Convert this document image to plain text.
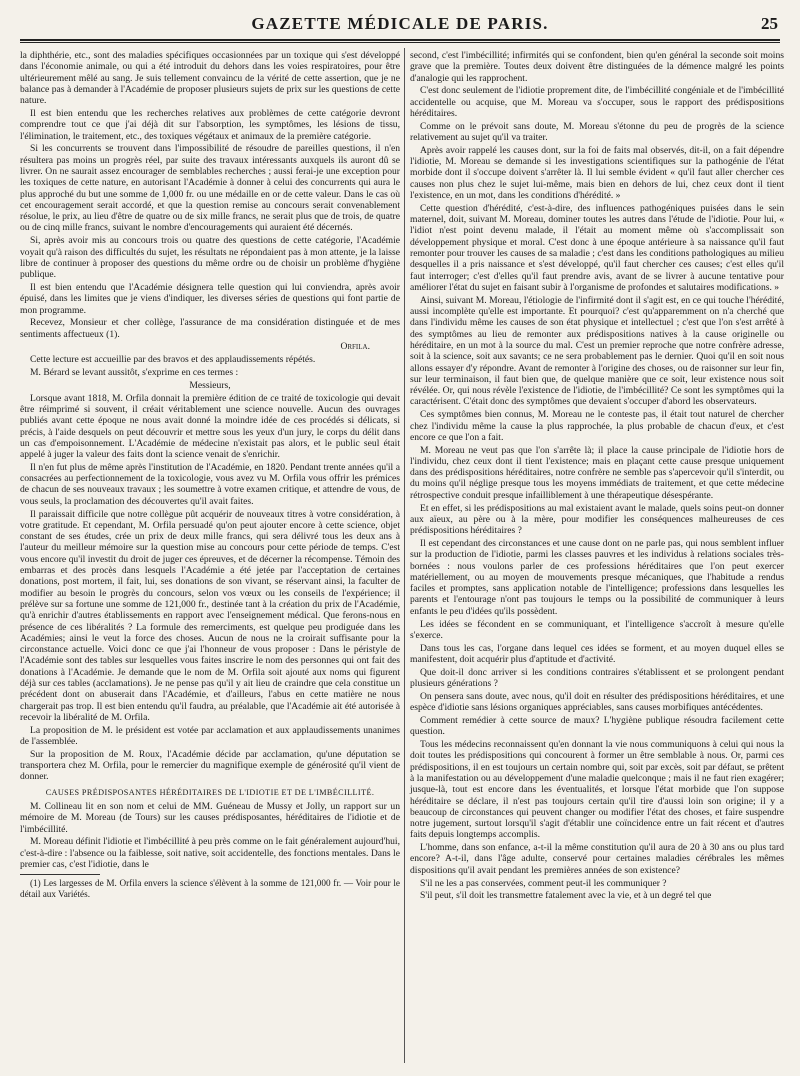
GAZETTE MÉDICALE DE PARIS.	25

la diphthérie, etc., sont des maladies spécifiques occasionnées par un toxique qui s'est développé dans l'économie animale, ou qui a été introduit du dehors dans les voies respiratoires, pour être ultérieurement mêlé au sang. Je suis tellement convaincu de la vérité de cette assertion, que je ne balance pas à demander à l'Académie de proposer plusieurs sujets de prix sur les questions de cette nature.

Il est bien entendu que les recherches relatives aux problèmes de cette catégorie devront comprendre tout ce que j'ai déjà dit sur l'absorption, les symptômes, les lésions de tissu, l'élimination, le traitement, etc., des toxiques végétaux et animaux de la première catégorie.

Si les concurrents se trouvent dans l'impossibilité de résoudre de pareilles questions, il n'en résultera pas moins un progrès réel, par suite des travaux intéressants auxquels ils auront dû se livrer. On ne saurait assez encourager de semblables recherches ; aussi ferai-je une exception pour les toxiques de cette nature, en autorisant l'Académie à donner à celui des concurrents qui aura le plus approché du but une somme de 1,000 fr. ou une médaille en or de cette valeur. Dans le cas où cet encouragement serait accordé, et que la question remise au concours serait convenablement résolue, le prix, au lieu d'être de quatre ou de six mille francs, ne serait plus que de trois, de quatre ou de cinq mille francs, suivant le nombre d'encouragements qui auraient été décernés.

Si, après avoir mis au concours trois ou quatre des questions de cette catégorie, l'Académie voyait qu'à raison des difficultés du sujet, les résultats ne répondaient pas à mon attente, je la laisse libre de continuer à proposer des questions du même ordre ou de choisir un problème d'hygiène publique.

Il est bien entendu que l'Académie désignera telle question qui lui conviendra, après avoir épuisé, dans les limites que je viens d'indiquer, les diverses séries de questions qui font partie de mon programme.

Recevez, Monsieur et cher collège, l'assurance de ma considération distinguée et de mes sentiments affectueux (1).

Orfila.

Cette lecture est accueillie par des bravos et des applaudissements répétés.

M. Bérard se levant aussitôt, s'exprime en ces termes :

Messieurs,

Lorsque avant 1818, M. Orfila donnait la première édition de ce traité de toxicologie qui devait être réimprimé si souvent, il créait véritablement une science nouvelle. Aucun des ouvrages publiés avant cette époque ne nous avait donné la moindre idée de ces procédés si délicats, si précis, à l'aide desquels on peut découvrir et mettre sous les yeux d'un jury, le corps du délit dans un cas d'empoisonnement. L'Académie de médecine n'existait pas alors, et le public seul était appelé à juger la valeur des faits dont la science venait de s'enrichir.

Il n'en fut plus de même après l'institution de l'Académie, en 1820. Pendant trente années qu'il a consacrées au perfectionnement de la toxicologie, vous avez vu M. Orfila vous offrir les prémices de chacun de ses nouveaux travaux ; les soumettre à votre examen critique, et attendre de vous, de vous seuls, la proclamation des découvertes qu'il avait faites.

Il paraissait difficile que notre collègue pût acquérir de nouveaux titres à votre considération, à votre gratitude. Et cependant, M. Orfila persuadé qu'on peut ajouter encore à cette science, objet constant de ses études, crée un prix de deux mille francs, qui sera délivré tous les deux ans à l'auteur du meilleur mémoire sur la question mise au concours pour cette période de temps. C'est vous encore qu'il investit du droit de juger ces épreuves, et de décerner la récompense. Témoin des embarras et des procès dans lesquels l'Académie a été jetée par l'acceptation de certaines donations, post mortem, il fait, lui, ses donations de son vivant, se réservant ainsi, la faculter de modifier au besoin le progrès du concours, selon vos vœux ou les conseils de l'expérience; il prélève sur sa fortune une somme de 121,000 fr., destinée tant à la création du prix de l'Académie, qu'à enrichir d'autres établissements en rapport avec l'enseignement médical. Que ferons-nous en présence de ces libéralités ? La formule des remerciments, est quelque peu prodiguée dans les Académies; ainsi le veut la force des choses. Aucun de nous ne la croirait suffisante pour la circonstance actuelle. Voici donc ce que j'ai l'honneur de vous proposer : Dans le péristyle de l'Académie sont des tables sur lesquelles vous faites inscrire le nom des personnes qui ont fait des donations à l'Académie. Je demande que le nom de M. Orfila soit ajouté aux noms qui figurent déjà sur ces tables (acclamations). Je ne pense pas qu'il y ait lieu de craindre que cela constitue un précédent dont on abuserait dans l'Académie, et d'ailleurs, l'abus en cette matière ne nous chargerait pas trop. Il est bien entendu qu'il faudra, au préalable, que l'Académie ait été autorisée à recevoir la libéralité de M. Orfila.

La proposition de M. le président est votée par acclamation et aux applaudissements unanimes de l'assemblée.

Sur la proposition de M. Roux, l'Académie décide par acclamation, qu'une députation se transportera chez M. Orfila, pour le remercier du magnifique exemple de générosité qu'il vient de donner.

CAUSES PRÉDISPOSANTES HÉRÉDITAIRES DE L'IDIOTIE ET DE L'IMBÉCILLITÉ.

M. Collineau lit en son nom et celui de MM. Guéneau de Mussy et Jolly, un rapport sur un mémoire de M. Moreau (de Tours) sur les causes prédisposantes, héréditaires de l'idiotie et de l'imbécillité.

M. Moreau définit l'idiotie et l'imbécillité à peu près comme on le fait généralement aujourd'hui, c'est-à-dire : l'absence ou la faiblesse, soit native, soit accidentelle, des fonctions mentales. Dans le premier cas, c'est l'idiotie, dans le

(1) Les largesses de M. Orfila envers la science s'élèvent à la somme de 121,000 fr. — Voir pour le détail aux Variétés.

second, c'est l'imbécillité; infirmités qui se confondent, bien qu'en général la seconde soit moins grave que la première. Toutes deux doivent être distinguées de la démence malgré les points d'analogie qui les rapprochent.

C'est donc seulement de l'idiotie proprement dite, de l'imbécillité congéniale et de l'imbécillité accidentelle ou acquise, que M. Moreau va s'occuper, sous le rapport des prédispositions héréditaires.

Comme on le prévoit sans doute, M. Moreau s'étonne du peu de progrès de la science relativement au sujet qu'il va traiter.

Après avoir rappelé les causes dont, sur la foi de faits mal observés, dit-il, on a fait dépendre l'idiotie, M. Moreau se demande si les investigations scientifiques sur la pathogénie de l'état morbide dont il s'occupe doivent s'arrêter là. Il lui semble évident « qu'il faut aller chercher ces causes non plus chez le sujet lui-même, mais bien en dehors de lui, chez ceux dont il tient l'existence, en un mot, dans les conditions d'hérédité. »

Cette question d'hérédité, c'est-à-dire, des influences pathogéniques puisées dans le sein maternel, doit, suivant M. Moreau, dominer toutes les autres dans l'étude de l'idiotie. Pour lui, « l'idiot n'est point devenu malade, il l'était au moment même où s'accomplissait son développement physique et moral. C'est donc à une époque antérieure à sa naissance qu'il faut remonter pour trouver les causes de sa maladie ; c'est dans les conditions pathologiques au milieu desquelles il a pris naissance et s'est développé, qu'il faut chercher ces causes; c'est elles qu'il faut interroger; c'est d'elles qu'il faut prendre avis, avant de se livrer à aucune tentative pour améliorer l'état du sujet en faisant subir à l'organisme de profondes et salutaires modifications. »

Ainsi, suivant M. Moreau, l'étiologie de l'infirmité dont il s'agit est, en ce qui touche l'hérédité, aussi incomplète qu'elle est importante. Et pourquoi? c'est qu'apparemment on n'a cherché que dans l'individu même les causes de son état physique et intellectuel ; c'est que l'on s'est arrêté à des symptômes au lieu de remonter aux prédispositions natives à la cause originelle ou héréditaire, en un mot à la source du mal. C'est un premier reproche que notre confrère adresse, soit à la science, soit aux savants; ce ne sera probablement pas le dernier. Quoi qu'il en soit nous allons essayer d'y répondre. Avant de remonter à l'origine des choses, ou de raisonner sur leur fin, sur leur terminaison, il faut bien que, de quelque manière que ce soit, leur existence nous soit révélée. Or, qui nous révèle l'existence de l'idiotie, de l'imbécillité? Ce sont les symptômes qui la caractérisent. C'était donc des symptômes que devaient s'occuper d'abord les observateurs.

Ces symptômes bien connus, M. Moreau ne le conteste pas, il était tout naturel de chercher chez l'individu même la cause la plus rapprochée, la plus probable de chacun d'eux, et c'est encore ce que l'on a fait.

M. Moreau ne veut pas que l'on s'arrête là; il place la cause principale de l'idiotie hors de l'individu, chez ceux dont il tient l'existence; mais en plaçant cette cause presque uniquement dans des prédispositions héréditaires, notre confrère ne semble pas s'apercevoir qu'il s'interdit, ou du moins qu'il néglige presque tous les moyens immédiats de traitement, et que cette médecine rétrospective conduit presque infailliblement à une thérapeutique désespérante.

Et en effet, si les prédispositions au mal existaient avant le malade, quels soins peut-on donner aux aïeux, au père ou à la mère, pour modifier les conséquences malheureuses de ces prédispositions héréditaires ?

Il est cependant des circonstances et une cause dont on ne parle pas, qui nous semblent influer sur la production de l'idiotie, parmi les classes pauvres et les individus à relations sociales très-bornées : nous voulons parler de ces professions héréditaires que l'on peut exercer matériellement, ou au moyen de mouvements presque mécaniques, que l'habitude a rendus faciles et promptes, sans application notable de l'intelligence; professions dans lesquelles les parents et l'entourage n'ont pas toujours le temps ou la possibilité de communiquer à leurs enfants le peu d'idées qu'ils possèdent.

Les idées se fécondent en se communiquant, et l'intelligence s'accroît à mesure qu'elle s'exerce.

Dans tous les cas, l'organe dans lequel ces idées se forment, et au moyen duquel elles se manifestent, doit acquérir plus d'aptitude et d'activité.

Que doit-il donc arriver si les conditions contraires s'établissent et se prolongent pendant plusieurs générations ?

On pensera sans doute, avec nous, qu'il doit en résulter des prédispositions héréditaires, et une espèce d'idiotie sans lésions organiques appréciables, sans causes morbifiques antécédentes.

Comment remédier à cette source de maux? L'hygiène publique résoudra facilement cette question.

Tous les médecins reconnaissent qu'en donnant la vie nous communiquons à celui qui nous la doit toutes les prédispositions qui concourent à former un être semblable à nous. Or, parmi ces prédispositions, il en est toujours un certain nombre qui, soit par excès, soit par défaut, se prêtent à la manifestation ou au développement d'une maladie quelconque ; mais il ne faut rien exagérer; jusque-là, tout est encore dans les éventualités, et lorsque l'état morbide que l'on suppose héréditaire se déclare, il n'est pas toujours certain qu'il tire d'aussi loin son origine; il y a beaucoup de circonstances qui peuvent changer ou modifier l'état des choses, et faire suspendre notre jugement, surtout lorsqu'il s'agit d'établir une coïncidence entre un fait récent et d'autres faits depuis longtemps accomplis.

L'homme, dans son enfance, a-t-il la même constitution qu'il aura de 20 à 30 ans ou plus tard encore? A-t-il, dans l'âge adulte, conservé pour certaines maladies cérébrales les mêmes dispositions qu'il avait pendant les premières années de son existence?

S'il ne les a pas conservées, comment peut-il les communiquer ?

S'il peut, s'il doit les transmettre fatalement avec la vie, et à un degré tel que
